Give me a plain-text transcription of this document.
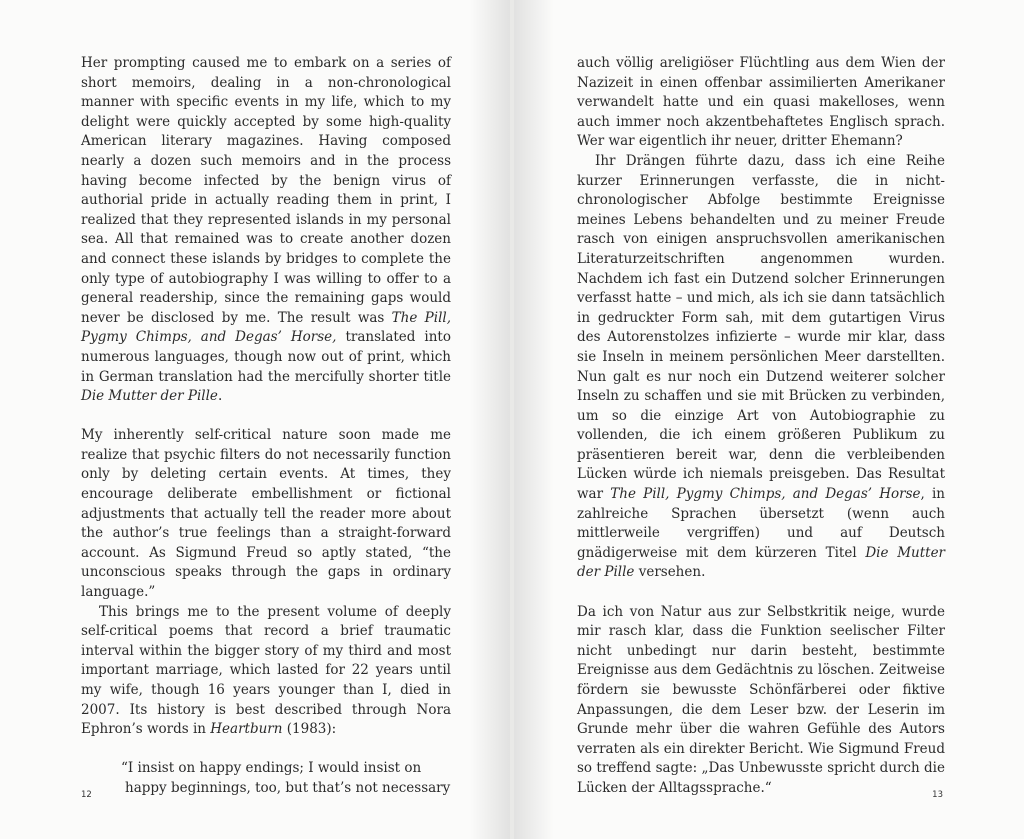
Her prompting caused me to embark on a series of short memoirs, dealing in a non-chronological manner with specific events in my life, which to my delight were quickly accepted by some high-quality American literary magazines. Having composed nearly a dozen such memoirs and in the process having become infected by the benign virus of authorial pride in actually reading them in print, I realized that they represented islands in my personal sea. All that remained was to create another dozen and connect these islands by bridges to complete the only type of autobiography I was willing to offer to a general readership, since the remaining gaps would never be disclosed by me. The result was The Pill, Pygmy Chimps, and Degas’ Horse, translated into numerous languages, though now out of print, which in German translation had the mercifully shorter title Die Mutter der Pille.

My inherently self-critical nature soon made me realize that psychic filters do not necessarily function only by deleting certain events. At times, they encourage deliberate embellishment or fictional adjustments that actually tell the reader more about the author’s true feelings than a straight-forward account. As Sigmund Freud so aptly stated, “the unconscious speaks through the gaps in ordinary language.”

This brings me to the present volume of deeply self-critical poems that record a brief traumatic interval within the bigger story of my third and most important marriage, which lasted for 22 years until my wife, though 16 years younger than I, died in 2007. Its history is best described through Nora Ephron’s words in Heartburn (1983):

“I insist on happy endings; I would insist on
happy beginnings, too, but that’s not necessary
12

auch völlig areligiöser Flüchtling aus dem Wien der Nazizeit in einen offenbar assimilierten Amerikaner verwandelt hatte und ein quasi makelloses, wenn auch immer noch akzentbehaftetes Englisch sprach. Wer war eigentlich ihr neuer, dritter Ehemann?

Ihr Drängen führte dazu, dass ich eine Reihe kurzer Erinnerungen verfasste, die in nicht-chronologischer Abfolge bestimmte Ereignisse meines Lebens behandelten und zu meiner Freude rasch von einigen anspruchsvollen amerikanischen Literaturzeitschriften angenommen wurden. Nachdem ich fast ein Dutzend solcher Erinnerungen verfasst hatte – und mich, als ich sie dann tatsächlich in gedruckter Form sah, mit dem gutartigen Virus des Autorenstolzes infizierte – wurde mir klar, dass sie Inseln in meinem persönlichen Meer darstellten. Nun galt es nur noch ein Dutzend weiterer solcher Inseln zu schaffen und sie mit Brücken zu verbinden, um so die einzige Art von Autobiographie zu vollenden, die ich einem größeren Publikum zu präsentieren bereit war, denn die verbleibenden Lücken würde ich niemals preisgeben. Das Resultat war The Pill, Pygmy Chimps, and Degas’ Horse, in zahlreiche Sprachen übersetzt (wenn auch mittlerweile vergriffen) und auf Deutsch gnädigerweise mit dem kürzeren Titel Die Mutter der Pille versehen.

Da ich von Natur aus zur Selbstkritik neige, wurde mir rasch klar, dass die Funktion seelischer Filter nicht unbedingt nur darin besteht, bestimmte Ereignisse aus dem Gedächtnis zu löschen. Zeitweise fördern sie bewusste Schönfärberei oder fiktive Anpassungen, die dem Leser bzw. der Leserin im Grunde mehr über die wahren Gefühle des Autors verraten als ein direkter Bericht. Wie Sigmund Freud so treffend sagte: „Das Unbewusste spricht durch die Lücken der Alltagssprache.“	13
